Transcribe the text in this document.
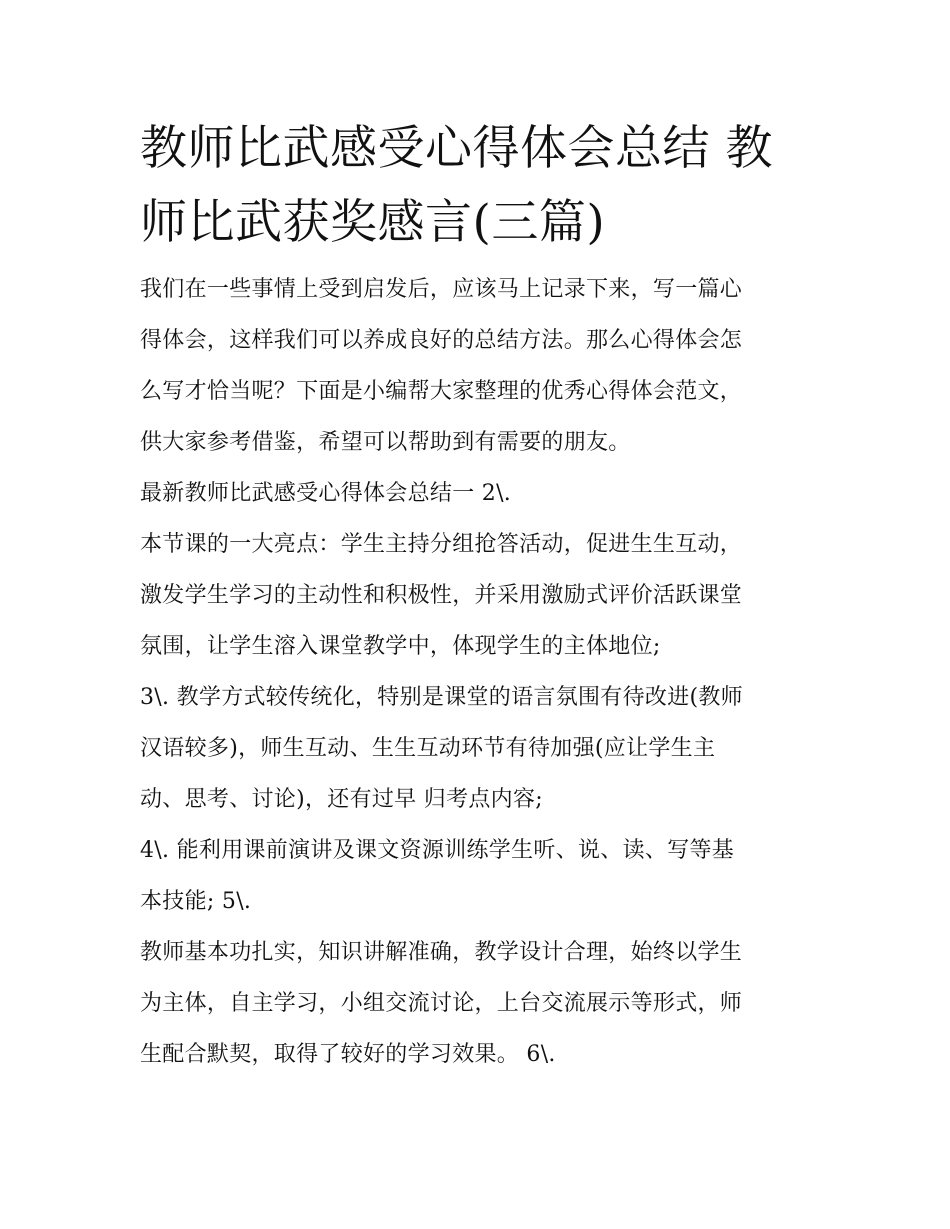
教师比武感受心得体会总结 教
师比武获奖感言(三篇)
我们在一些事情上受到启发后，应该马上记录下来，写一篇心
得体会，这样我们可以养成良好的总结方法。那么心得体会怎
么写才恰当呢？下面是小编帮大家整理的优秀心得体会范文，
供大家参考借鉴，希望可以帮助到有需要的朋友。
最新教师比武感受心得体会总结一 2\.
本节课的一大亮点：学生主持分组抢答活动，促进生生互动，
激发学生学习的主动性和积极性，并采用激励式评价活跃课堂
氛围，让学生溶入课堂教学中，体现学生的主体地位;
3\. 教学方式较传统化，特别是课堂的语言氛围有待改进(教师
汉语较多)，师生互动、生生互动环节有待加强(应让学生主
动、思考、讨论)，还有过早 归考点内容;
4\. 能利用课前演讲及课文资源训练学生听、说、读、写等基
本技能; 5\.
教师基本功扎实，知识讲解准确，教学设计合理，始终以学生
为主体，自主学习，小组交流讨论，上台交流展示等形式，师
生配合默契，取得了较好的学习效果。 6\.
